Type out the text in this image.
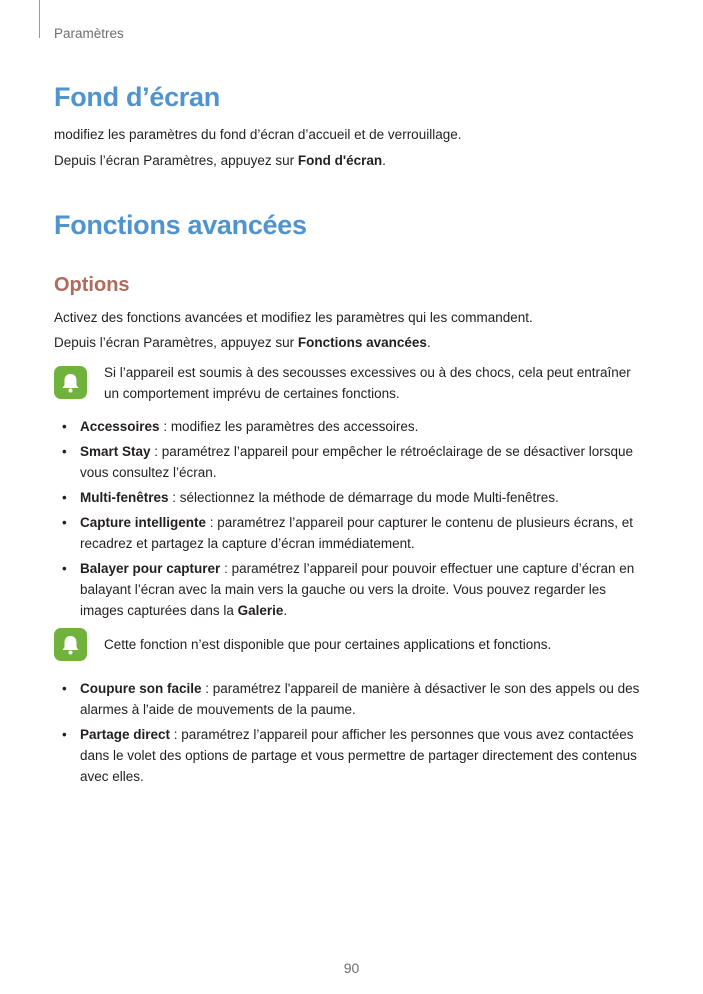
Paramètres
Fond d’écran

modifiez les paramètres du fond d’écran d’accueil et de verrouillage.

Depuis l’écran Paramètres, appuyez sur Fond d'écran.

Fonctions avancées
Options

Activez des fonctions avancées et modifiez les paramètres qui les commandent.

Depuis l’écran Paramètres, appuyez sur Fonctions avancées.

Si l’appareil est soumis à des secousses excessives ou à des chocs, cela peut entraîner un comportement imprévu de certaines fonctions.
• Accessoires : modifiez les paramètres des accessoires.
• Smart Stay : paramétrez l’appareil pour empêcher le rétroéclairage de se désactiver lorsque vous consultez l’écran.
• Multi-fenêtres : sélectionnez la méthode de démarrage du mode Multi-fenêtres.
• Capture intelligente : paramétrez l’appareil pour capturer le contenu de plusieurs écrans, et recadrez et partagez la capture d’écran immédiatement.
• Balayer pour capturer : paramétrez l’appareil pour pouvoir effectuer une capture d’écran en balayant l’écran avec la main vers la gauche ou vers la droite. Vous pouvez regarder les images capturées dans la Galerie.
Cette fonction n’est disponible que pour certaines applications et fonctions.
• Coupure son facile : paramétrez l'appareil de manière à désactiver le son des appels ou des alarmes à l'aide de mouvements de la paume.
• Partage direct : paramétrez l’appareil pour afficher les personnes que vous avez contactées dans le volet des options de partage et vous permettre de partager directement des contenus avec elles.
90
